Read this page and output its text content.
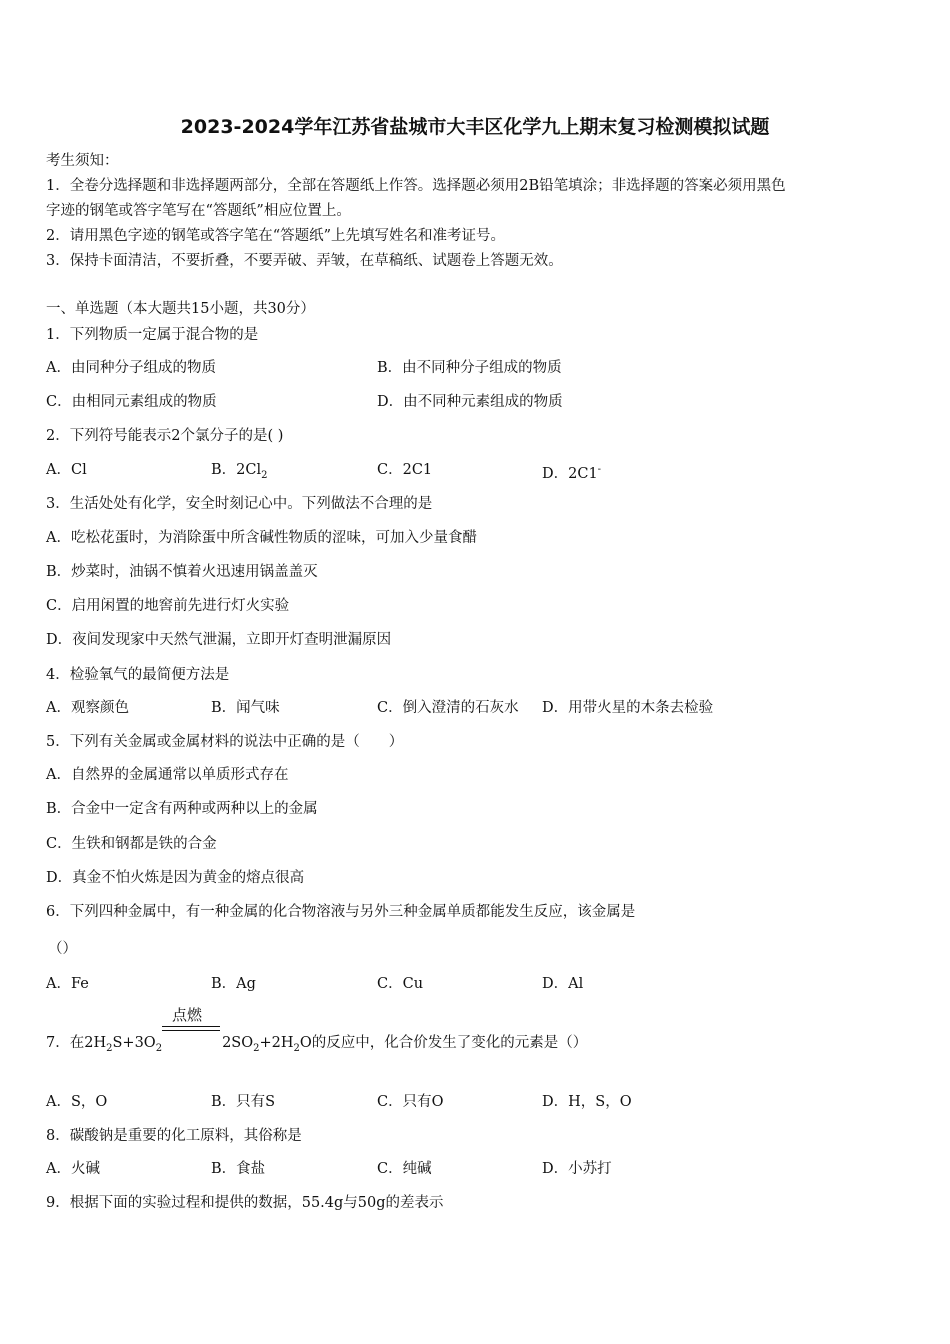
2023-2024学年江苏省盐城市大丰区化学九上期末复习检测模拟试题
考生须知：
1．全卷分选择题和非选择题两部分，全部在答题纸上作答。选择题必须用2B铅笔填涂；非选择题的答案必须用黑色
字迹的钢笔或答字笔写在“答题纸”相应位置上。
2．请用黑色字迹的钢笔或答字笔在“答题纸”上先填写姓名和准考证号。
3．保持卡面清洁，不要折叠，不要弄破、弄皱，在草稿纸、试题卷上答题无效。
一、单选题（本大题共15小题，共30分）
1．下列物质一定属于混合物的是
A．由同种分子组成的物质	B．由不同种分子组成的物质
C．由相同元素组成的物质	D．由不同种元素组成的物质
2．下列符号能表示2个氯分子的是( )
A．Cl	B．$2Cl_2$	C．2C1	D．2C1-
3．生活处处有化学，安全时刻记心中。下列做法不合理的是
A．吃松花蛋时，为消除蛋中所含碱性物质的涩味，可加入少量食醋
B．炒菜时，油锅不慎着火迅速用锅盖盖灭
C．启用闲置的地窖前先进行灯火实验
D．夜间发现家中天然气泄漏，立即开灯查明泄漏原因
4．检验氧气的最简便方法是
A．观察颜色	B．闻气味	C．倒入澄清的石灰水 D．用带火星的木条去检验
5．下列有关金属或金属材料的说法中正确的是（　　）
A．自然界的金属通常以单质形式存在
B．合金中一定含有两种或两种以上的金属
C．生铁和钢都是铁的合金
D．真金不怕火炼是因为黄金的熔点很高
6．下列四种金属中，有一种金属的化合物溶液与另外三种金属单质都能发生反应，该金属是
（）
A．Fe	B．Ag	C．Cu	D．Al
点燃
7．在$2H_2S+3O_2$	$2SO_2+2H_2O$的反应中，化合价发生了变化的元素是（）
A．S，O	B．只有S	C．只有O	D．H，S，O
8．碳酸钠是重要的化工原料，其俗称是
A．火碱	B．食盐	C．纯碱	D．小苏打
9．根据下面的实验过程和提供的数据，55.4g与50g的差表示
